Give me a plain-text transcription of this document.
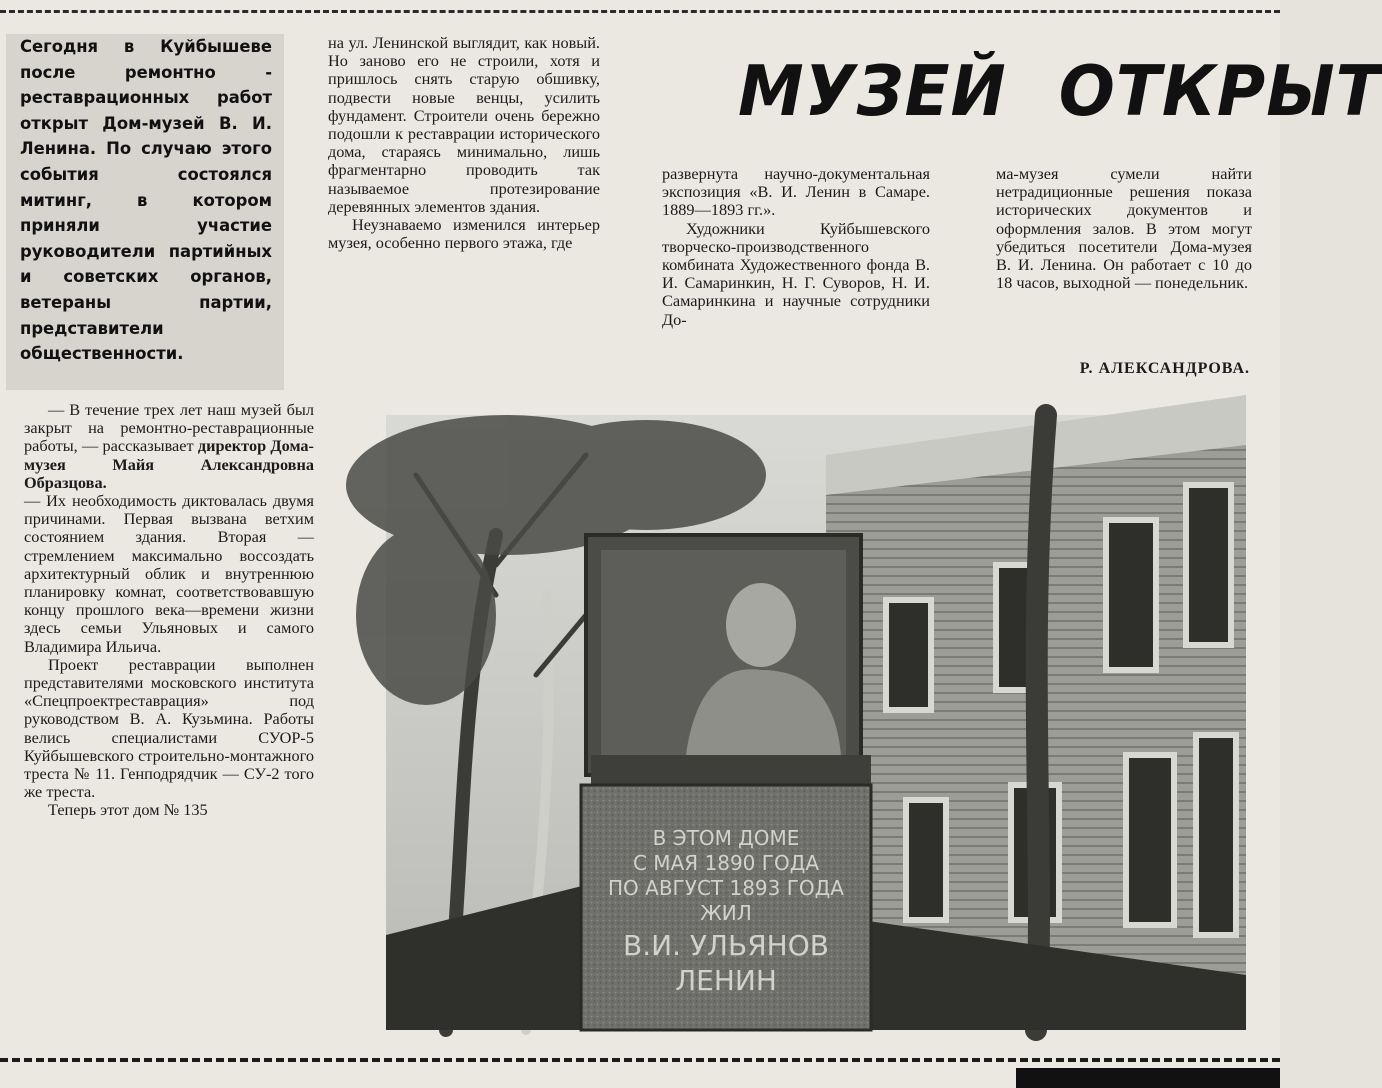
Сегодня в Куйбышеве после ремонтно - реставрационных работ открыт Дом-музей В. И. Ленина. По случаю этого события состоялся митинг, в котором приняли участие руководители партийных и советских органов, ветераны партии, представители общественности.

— В течение трех лет наш музей был закрыт на ремонтно-реставрационные работы, — рассказывает директор Дома-музея Майя Александровна Образцова.

— Их необходимость диктовалась двумя причинами. Первая вызвана ветхим состоянием здания. Вторая — стремлением максимально воссоздать архитектурный облик и внутреннюю планировку комнат, соответствовавшую концу прошлого века—времени жизни здесь семьи Ульяновых и самого Владимира Ильича.

Проект реставрации выполнен представителями московского института «Спецпроектреставрация» под руководством В. А. Кузьмина. Работы велись специалистами СУОР-5 Куйбышевского строительно-монтажного треста № 11. Генподрядчик — СУ-2 того же треста.

Теперь этот дом № 135

на ул. Ленинской выглядит, как новый. Но заново его не строили, хотя и пришлось снять старую обшивку, подвести новые венцы, усилить фундамент. Строители очень бережно подошли к реставрации исторического дома, стараясь минимально, лишь фрагментарно проводить так называемое протезирование деревянных элементов здания.

Неузнаваемо изменился интерьер музея, особенно первого этажа, где

МУЗЕЙ ОТКРЫТ

развернута научно-документальная экспозиция «В. И. Ленин в Самаре. 1889—1893 гг.».

Художники Куйбышевского творческо-производственного комбината Художественного фонда В. И. Самаринкин, Н. Г. Суворов, Н. И. Самаринкина и научные сотрудники До-

ма-музея сумели найти нетрадиционные решения показа исторических документов и оформления залов. В этом могут убедиться посетители Дома-музея В. И. Ленина. Он работает с 10 до 18 часов, выходной — понедельник.

Р. АЛЕКСАНДРОВА.
В ЭТОМ ДОМЕ
С МАЯ 1890 ГОДА
ПО АВГУСТ 1893 ГОДА
ЖИЛ
В.И. УЛЬЯНОВ
ЛЕНИН
